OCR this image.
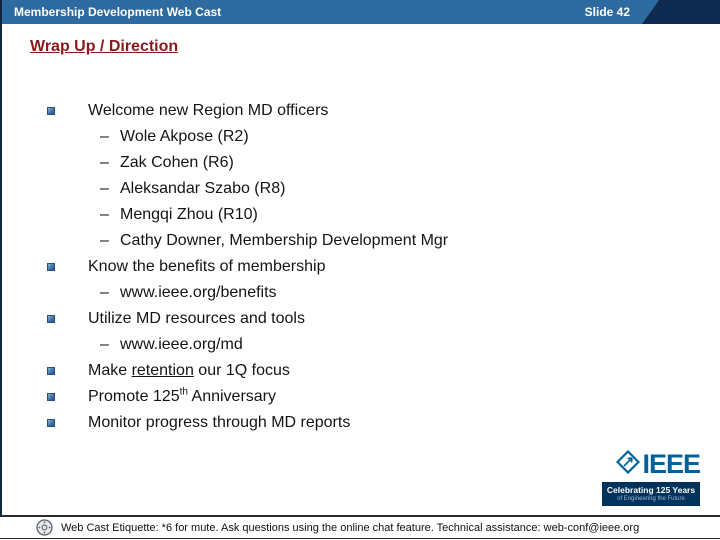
Membership Development Web Cast	Slide 42
Wrap Up / Direction
Welcome new Region MD officers
– Wole Akpose (R2)
– Zak Cohen (R6)
– Aleksandar Szabo (R8)
– Mengqi Zhou (R10)
– Cathy Downer, Membership Development Mgr
Know the benefits of membership
– www.ieee.org/benefits
Utilize MD resources and tools
– www.ieee.org/md
Make retention our 1Q focus
Promote 125th Anniversary
Monitor progress through MD reports
IEEE
Celebrating 125 Years
of Engineering the Future
Web Cast Etiquette: *6 for mute. Ask questions using the online chat feature. Technical assistance: web-conf@ieee.org
